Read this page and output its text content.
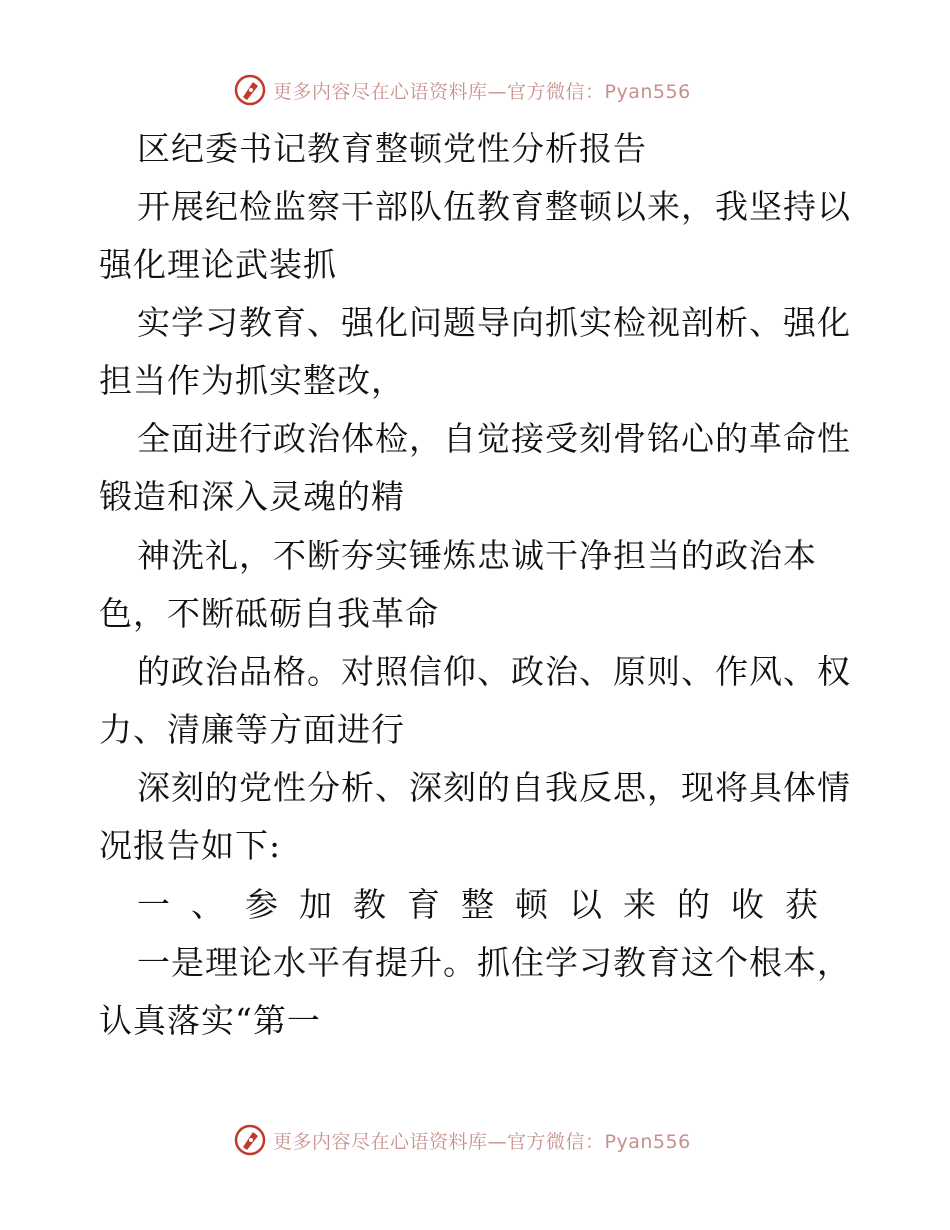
更多内容尽在心语资料库—官方微信：Pyan556
区纪委书记教育整顿党性分析报告
开展纪检监察干部队伍教育整顿以来，我坚持以
强化理论武装抓
实学习教育、强化问题导向抓实检视剖析、强化
担当作为抓实整改，
全面进行政治体检，自觉接受刻骨铭心的革命性
锻造和深入灵魂的精
神洗礼，不断夯实锤炼忠诚干净担当的政治本
色，不断砥砺自我革命
的政治品格。对照信仰、政治、原则、作风、权
力、清廉等方面进行
深刻的党性分析、深刻的自我反思，现将具体情
况报告如下:
一、参加教育整顿以来的收获
一是理论水平有提升。抓住学习教育这个根本，
认真落实“第一
更多内容尽在心语资料库—官方微信：Pyan556
